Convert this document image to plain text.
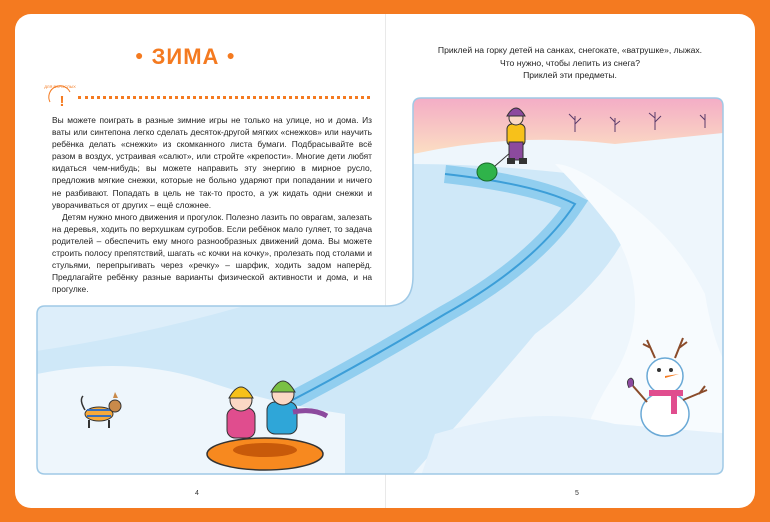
● ЗИМА ●
ДЛЯ ВЗРОСЛЫХ
!

Вы можете поиграть в разные зимние игры не только на улице, но и дома. Из ваты или синтепона легко сделать десяток-другой мягких «снежков» или научить ребёнка делать «снежки» из скомканного листа бумаги. Подбрасывайте всё разом в воздух, устраивая «салют», или стройте «крепости». Многие дети любят кидаться чем-нибудь; вы можете направить эту энергию в мирное русло, предложив мягкие снежки, которые не больно ударяют при попадании и ничего не разбивают. Попадать в цель не так-то просто, а уж кидать одни снежки и уворачиваться от других – ещё сложнее.

Детям нужно много движения и прогулок. Полезно лазить по оврагам, залезать на деревья, ходить по верхушкам сугробов. Если ребёнок мало гуляет, то задача родителей – обеспечить ему много разнообразных движений дома. Вы можете строить полосу препятствий, шагать «с кочки на кочку», пролезать под столами и стульями, перепрыгивать через «речку» – шарфик, ходить задом наперёд. Предлагайте ребёнку разные варианты физической активности и дома, и на прогулке.

Приклей на горку детей на санках, снегокате, «ватрушке», лыжах.
Что нужно, чтобы лепить из снега?
Приклей эти предметы.
4	5
